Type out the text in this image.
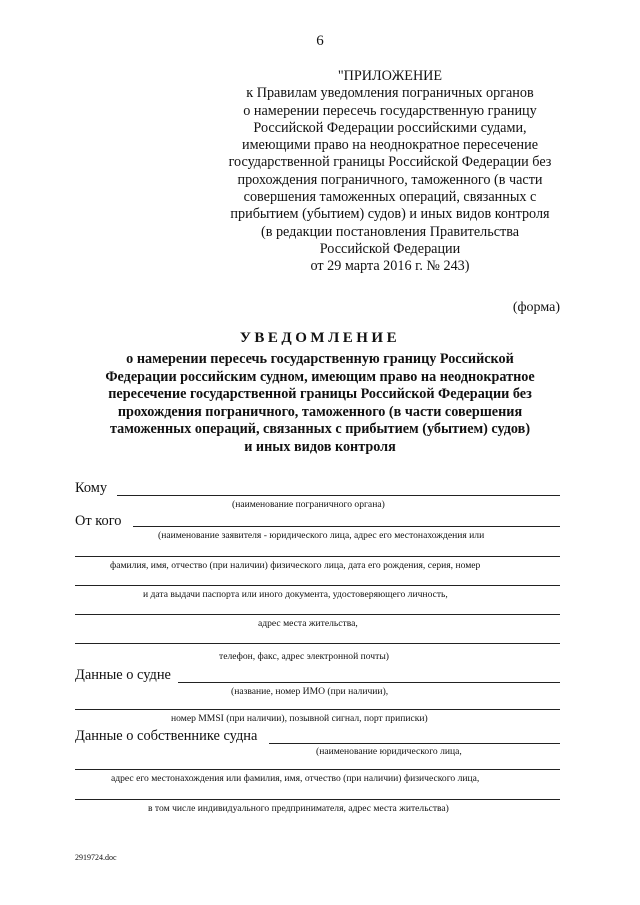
6
"ПРИЛОЖЕНИЕ
к Правилам уведомления пограничных органов
о намерении пересечь государственную границу
Российской Федерации российскими судами,
имеющими право на неоднократное пересечение
государственной границы Российской Федерации без
прохождения пограничного, таможенного (в части
совершения таможенных операций, связанных с
прибытием (убытием) судов) и иных видов контроля
(в редакции постановления Правительства
Российской Федерации
от 29 марта 2016 г. № 243)
(форма)
УВЕДОМЛЕНИЕ
о намерении пересечь государственную границу Российской
Федерации российским судном, имеющим право на неоднократное
пересечение государственной границы Российской Федерации без
прохождения пограничного, таможенного (в части совершения
таможенных операций, связанных с прибытием (убытием) судов)
и иных видов контроля
Кому
(наименование пограничного органа)
От кого
(наименование заявителя - юридического лица, адрес его местонахождения или
фамилия, имя, отчество (при наличии) физического лица, дата его рождения, серия, номер
и дата выдачи паспорта или иного документа, удостоверяющего личность,
адрес места жительства,
телефон, факс, адрес электронной почты)
Данные о судне
(название, номер ИМО (при наличии),
номер MMSI (при наличии), позывной сигнал, порт приписки)
Данные о собственнике судна
(наименование юридического лица,
адрес его местонахождения или фамилия, имя, отчество (при наличии) физического лица,
в том числе индивидуального предпринимателя, адрес места жительства)
2919724.doc
